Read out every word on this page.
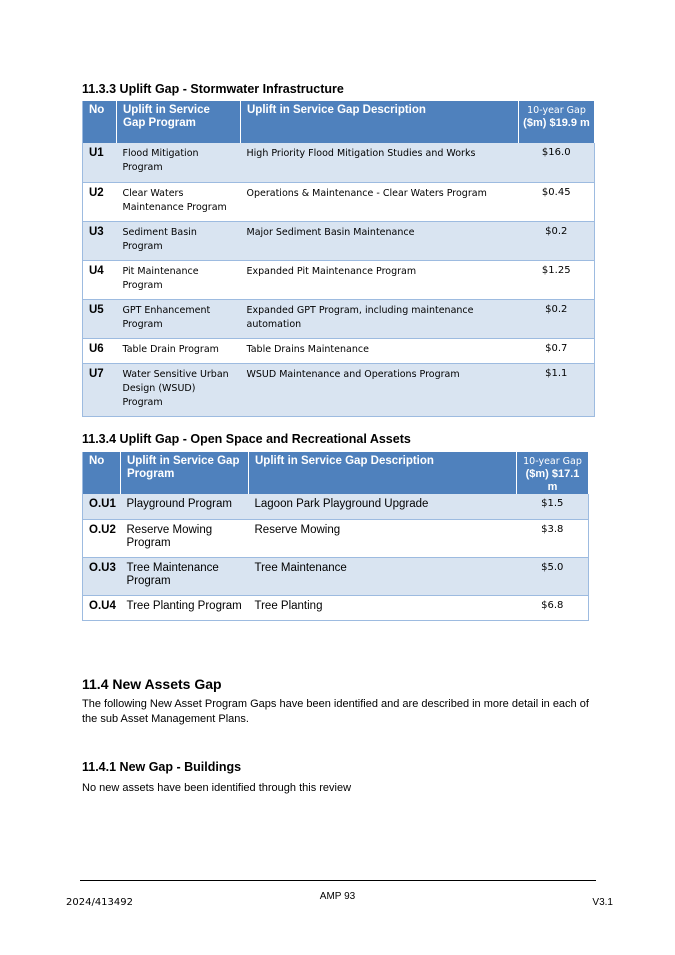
11.3.3 Uplift Gap - Stormwater Infrastructure
No	Uplift in Service Gap Program	Uplift in Service Gap Description	10-year Gap
($m) $19.9 m
U1	Flood Mitigation Program	High Priority Flood Mitigation Studies and Works	$16.0
U2	Clear Waters Maintenance Program	Operations & Maintenance - Clear Waters Program	$0.45
U3	Sediment Basin Program	Major Sediment Basin Maintenance	$0.2
U4	Pit Maintenance Program	Expanded Pit Maintenance Program	$1.25
U5	GPT Enhancement Program	Expanded GPT Program, including maintenance automation	$0.2
U6	Table Drain Program	Table Drains Maintenance	$0.7
U7	Water Sensitive Urban Design (WSUD) Program	WSUD Maintenance and Operations Program	$1.1
11.3.4 Uplift Gap - Open Space and Recreational Assets
No	Uplift in Service Gap Program	Uplift in Service Gap Description	10-year Gap
($m) $17.1 m
O.U1	Playground Program	Lagoon Park Playground Upgrade	$1.5
O.U2	Reserve Mowing Program	Reserve Mowing	$3.8
O.U3	Tree Maintenance Program	Tree Maintenance	$5.0
O.U4	Tree Planting Program	Tree Planting	$6.8
11.4 New Assets Gap
The following New Asset Program Gaps have been identified and are described in more detail in each of the sub Asset Management Plans.
11.4.1 New Gap - Buildings
No new assets have been identified through this review
AMP 93
2024/413492	V3.1
